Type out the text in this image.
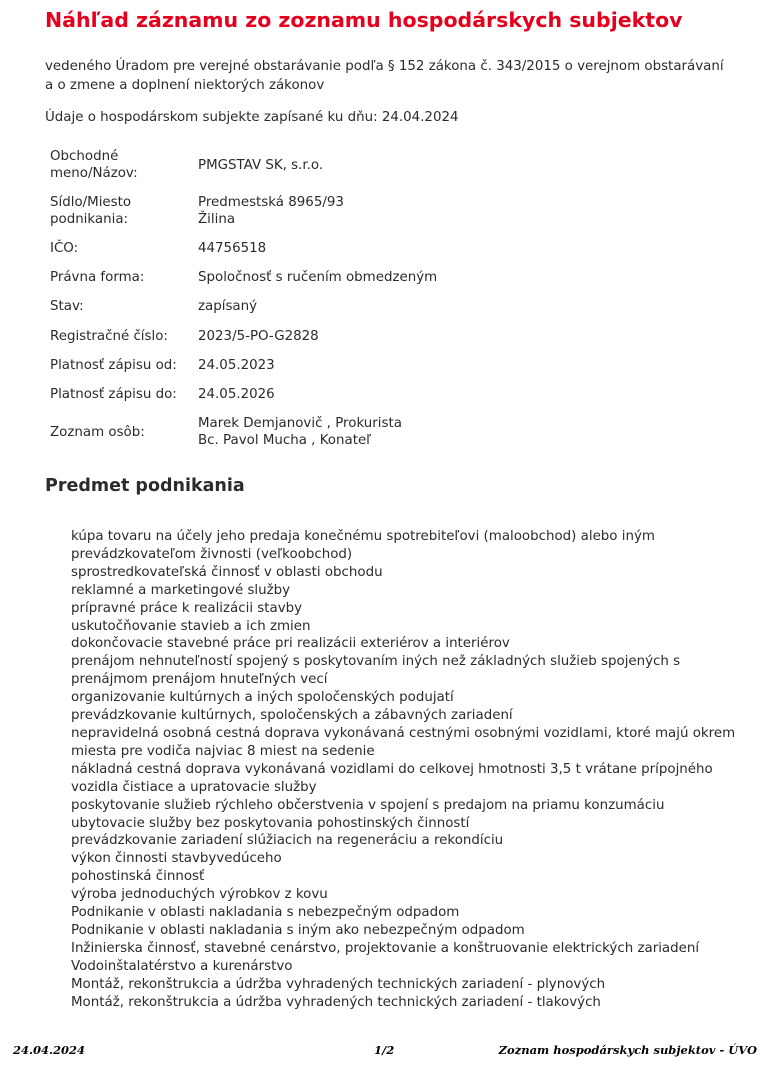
Náhľad záznamu zo zoznamu hospodárskych subjektov

vedeného Úradom pre verejné obstarávanie podľa § 152 zákona č. 343/2015 o verejnom obstarávaní a o zmene a doplnení niektorých zákonov

Údaje o hospodárskom subjekte zapísané ku dňu: 24.04.2024

Obchodné meno/Názov:
PMGSTAV SK, s.r.o.
Sídlo/Miesto podnikania:
Predmestská 8965/93
Žilina
IČO:	44756518
Právna forma:	Spoločnosť s ručením obmedzeným
Stav:	zapísaný
Registračné číslo:	2023/5-PO-G2828
Platnosť zápisu od:	24.05.2023
Platnosť zápisu do:	24.05.2026
Zoznam osôb:
Marek Demjanovič , Prokurista
Bc. Pavol Mucha , Konateľ
Predmet podnikania
kúpa tovaru na účely jeho predaja konečnému spotrebiteľovi (maloobchod) alebo iným prevádzkovateľom živnosti (veľkoobchod)
sprostredkovateľská činnosť v oblasti obchodu
reklamné a marketingové služby
prípravné práce k realizácii stavby
uskutočňovanie stavieb a ich zmien
dokončovacie stavebné práce pri realizácii exteriérov a interiérov
prenájom nehnuteľností spojený s poskytovaním iných než základných služieb spojených s prenájmom prenájom hnuteľných vecí
organizovanie kultúrnych a iných spoločenských podujatí
prevádzkovanie kultúrnych, spoločenských a zábavných zariadení
nepravidelná osobná cestná doprava vykonávaná cestnými osobnými vozidlami, ktoré majú okrem miesta pre vodiča najviac 8 miest na sedenie
nákladná cestná doprava vykonávaná vozidlami do celkovej hmotnosti 3,5 t vrátane prípojného vozidla čistiace a upratovacie služby
poskytovanie služieb rýchleho občerstvenia v spojení s predajom na priamu konzumáciu
ubytovacie služby bez poskytovania pohostinských činností
prevádzkovanie zariadení slúžiacich na regeneráciu a rekondíciu
výkon činnosti stavbyvedúceho
pohostinská činnosť
výroba jednoduchých výrobkov z kovu
Podnikanie v oblasti nakladania s nebezpečným odpadom
Podnikanie v oblasti nakladania s iným ako nebezpečným odpadom
Inžinierska činnosť, stavebné cenárstvo, projektovanie a konštruovanie elektrických zariadení
Vodoinštalatérstvo a kurenárstvo
Montáž, rekonštrukcia a údržba vyhradených technických zariadení - plynových
Montáž, rekonštrukcia a údržba vyhradených technických zariadení - tlakových
24.04.2024	1/2	Zoznam hospodárskych subjektov - ÚVO
